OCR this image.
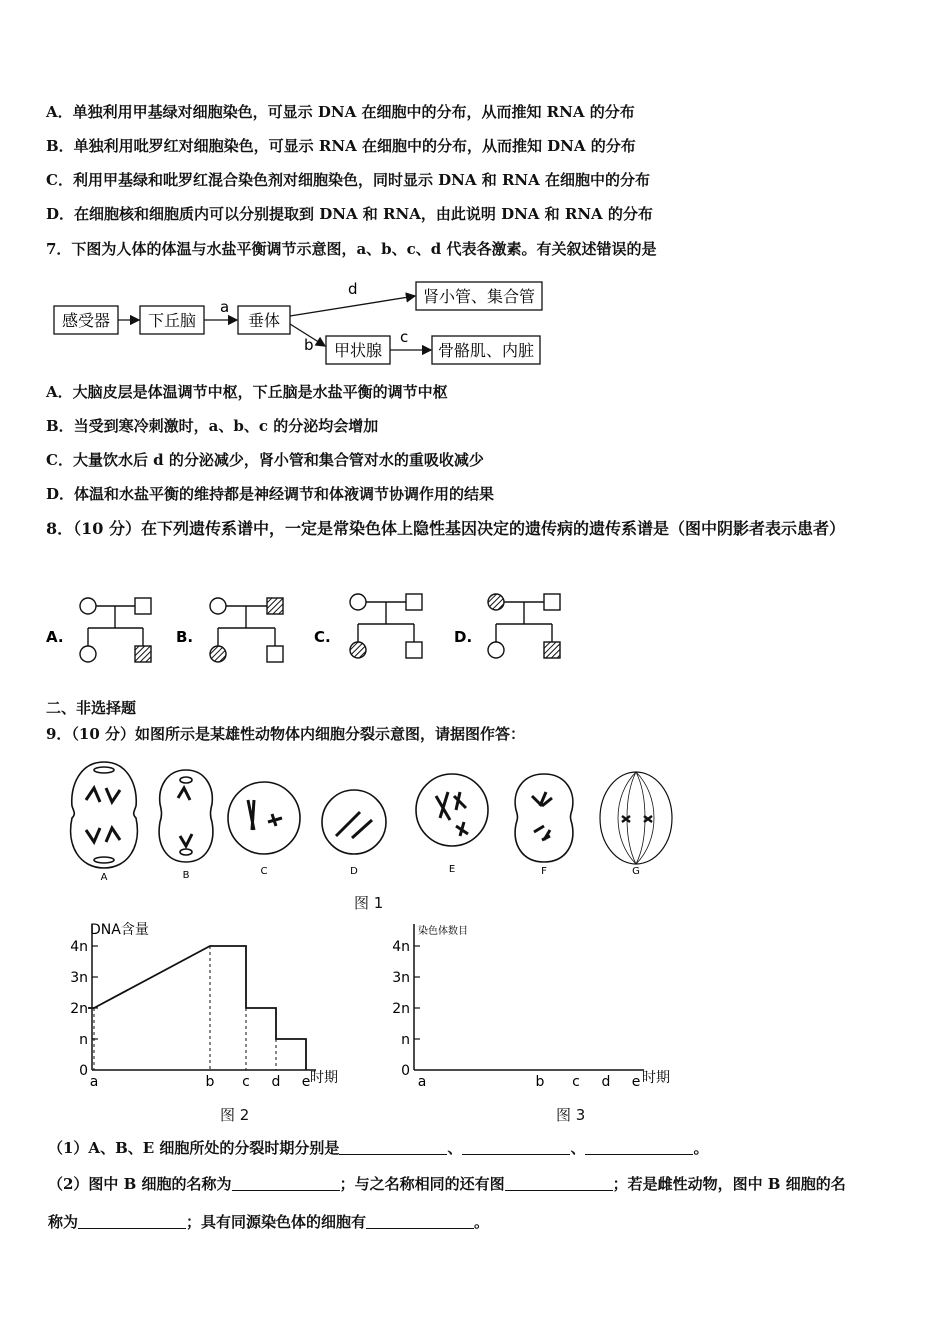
A．单独利用甲基绿对细胞染色，可显示 DNA 在细胞中的分布，从而推知 RNA 的分布
B．单独利用吡罗红对细胞染色，可显示 RNA 在细胞中的分布，从而推知 DNA 的分布
C．利用甲基绿和吡罗红混合染色剂对细胞染色，同时显示 DNA 和 RNA 在细胞中的分布
D．在细胞核和细胞质内可以分别提取到 DNA 和 RNA，由此说明 DNA 和 RNA 的分布
7．下图为人体的体温与水盐平衡调节示意图，a、b、c、d 代表各激素。有关叙述错误的是
感受器 下丘脑	垂体
肾小管、集合管
甲状腺	骨骼肌、内脏
a
b	c
d
A．大脑皮层是体温调节中枢，下丘脑是水盐平衡的调节中枢
B．当受到寒冷刺激时，a、b、c 的分泌均会增加
C．大量饮水后 d 的分泌减少，肾小管和集合管对水的重吸收减少
D．体温和水盐平衡的维持都是神经调节和体液调节协调作用的结果
8．（10 分）在下列遗传系谱中，一定是常染色体上隐性基因决定的遗传病的遗传系谱是（图中阴影者表示患者）
A.	B.	C.	D.
二、非选择题
9．（10 分）如图所示是某雄性动物体内细胞分裂示意图，请据图作答：
A	B	C	D	E	F	G
图 1
DNA含量
4n
3n
2n
n
0
a	b c d e 时期
图 2
染色体数目
4n
3n
2n
n
0
a	b c d e 时期
图 3
（1）A、B、E 细胞所处的分裂时期分别是	、	、	。
（2）图中 B 细胞的名称为	；与之名称相同的还有图	；若是雌性动物，图中 B 细胞的名
称为	；具有同源染色体的细胞有	。
